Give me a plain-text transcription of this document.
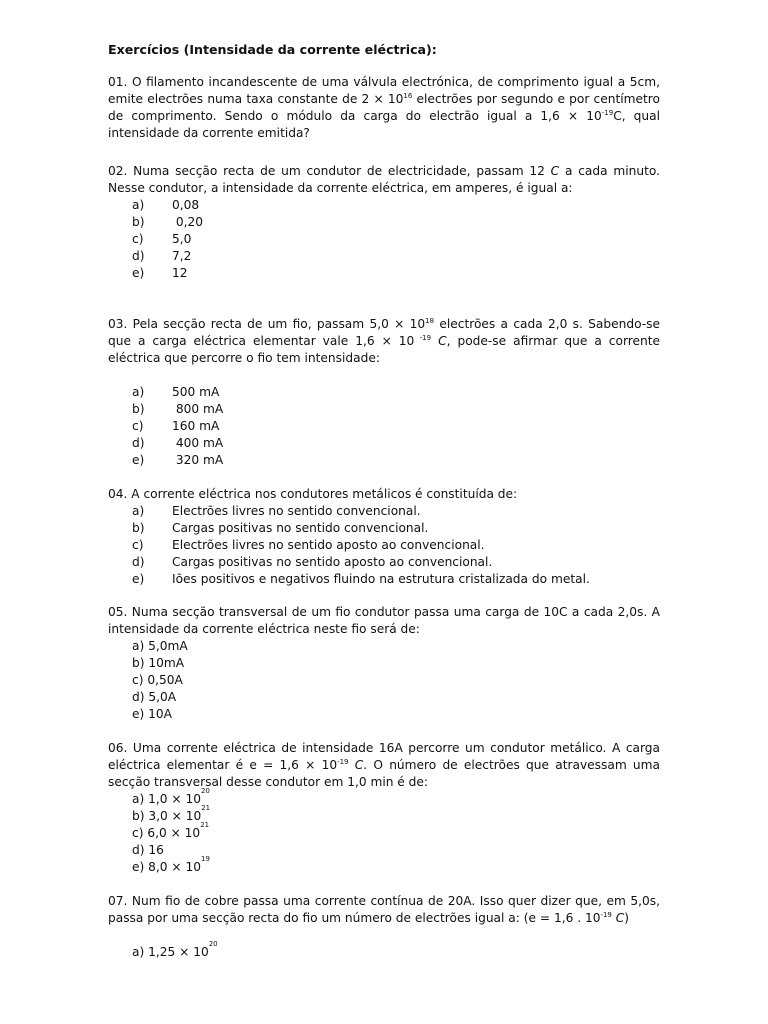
Exercícios (Intensidade da corrente eléctrica):

01. O filamento incandescente de uma válvula electrónica, de comprimento igual a 5cm, emite electrões numa taxa constante de $2 \times 10^{16}$ electrões por segundo e por centímetro de comprimento. Sendo o módulo da carga do electrão igual a $1,6 \times 10^{-19}C$, qual intensidade da corrente emitida?

02. Numa secção recta de um condutor de electricidade, passam 12 C a cada minuto. Nesse condutor, a intensidade da corrente eléctrica, em amperes, é igual a:

a)	0,08
b)	0,20
c)	5,0
d)	7,2
e)	12

03. Pela secção recta de um fio, passam $5,0 \times 10^{18}$ electrões a cada 2,0 s. Sabendo-se que a carga eléctrica elementar vale 1,6 × 10 $^{-19}$ C, pode-se afirmar que a corrente eléctrica que percorre o fio tem intensidade:

a)	500 mA
b)	800 mA
c)	160 mA
d)	400 mA
e)	320 mA

04. A corrente eléctrica nos condutores metálicos é constituída de:

a)	Electrões livres no sentido convencional.
b)	Cargas positivas no sentido convencional.
c)	Electrões livres no sentido aposto ao convencional.
d)	Cargas positivas no sentido aposto ao convencional.
e)	Iões positivos e negativos fluindo na estrutura cristalizada do metal.

05. Numa secção transversal de um fio condutor passa uma carga de 10C a cada 2,0s. A intensidade da corrente eléctrica neste fio será de:

a) 5,0mA
b) 10mA
c) 0,50A
d) 5,0A
e) 10A

06. Uma corrente eléctrica de intensidade 16A percorre um condutor metálico. A carga eléctrica elementar é $e = 1,6 \times 10^{-19}$ C. O número de electrões que atravessam uma secção transversal desse condutor em 1,0 min é de:

a) 1,0 × 10
20
b) 3,0 × 10
21
c) 6,0 × 10
21
d) 16
e) 8,0 × 10
19

07. Num fio de cobre passa uma corrente contínua de 20A. Isso quer dizer que, em 5,0s, passa por uma secção recta do fio um número de electrões igual a: (e = 1,6 . $10^{-19}$ C)

a) 1,25 × 10
20
